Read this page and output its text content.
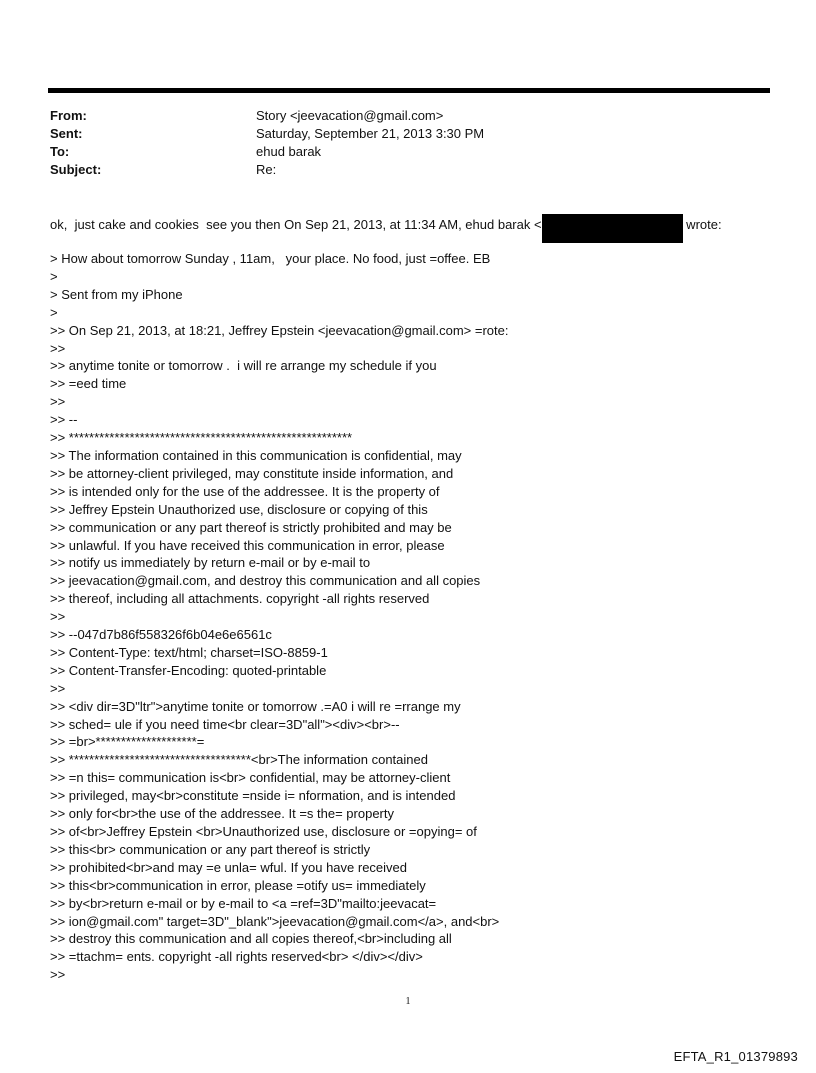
From:	Story <jeevacation@gmail.com>
Sent:	Saturday, September 21, 2013 3:30 PM
To:	ehud barak
Subject:	Re:
ok,  just cake and cookies  see you then On Sep 21, 2013, at 11:34 AM, ehud barak <	wrote:
> How about tomorrow Sunday , 11am,   your place. No food, just =offee. EB
>
> Sent from my iPhone
>
>> On Sep 21, 2013, at 18:21, Jeffrey Epstein <jeevacation@gmail.com> =rote:
>>
>> anytime tonite or tomorrow .  i will re arrange my schedule if you
>> =eed time
>>
>> --
>> ********************************************************
>> The information contained in this communication is confidential, may
>> be attorney-client privileged, may constitute inside information, and
>> is intended only for the use of the addressee. It is the property of
>> Jeffrey Epstein Unauthorized use, disclosure or copying of this
>> communication or any part thereof is strictly prohibited and may be
>> unlawful. If you have received this communication in error, please
>> notify us immediately by return e-mail or by e-mail to
>> jeevacation@gmail.com, and destroy this communication and all copies
>> thereof, including all attachments. copyright -all rights reserved
>>
>> --047d7b86f558326f6b04e6e6561c
>> Content-Type: text/html; charset=ISO-8859-1
>> Content-Transfer-Encoding: quoted-printable
>>
>> <div dir=3D"ltr">anytime tonite or tomorrow .=A0 i will re =rrange my
>> sched= ule if you need time<br clear=3D"all"><div><br>--
>> =br>********************=
>> ************************************<br>The information contained
>> =n this= communication is<br> confidential, may be attorney-client
>> privileged, may<br>constitute =nside i= nformation, and is intended
>> only for<br>the use of the addressee. It =s the= property
>> of<br>Jeffrey Epstein <br>Unauthorized use, disclosure or =opying= of
>> this<br> communication or any part thereof is strictly
>> prohibited<br>and may =e unla= wful. If you have received
>> this<br>communication in error, please =otify us= immediately
>> by<br>return e-mail or by e-mail to <a =ref=3D"mailto:jeevacat=
>> ion@gmail.com" target=3D"_blank">jeevacation@gmail.com</a>, and<br>
>> destroy this communication and all copies thereof,<br>including all
>> =ttachm= ents. copyright -all rights reserved<br> </div></div>
>>
1
EFTA_R1_01379893
